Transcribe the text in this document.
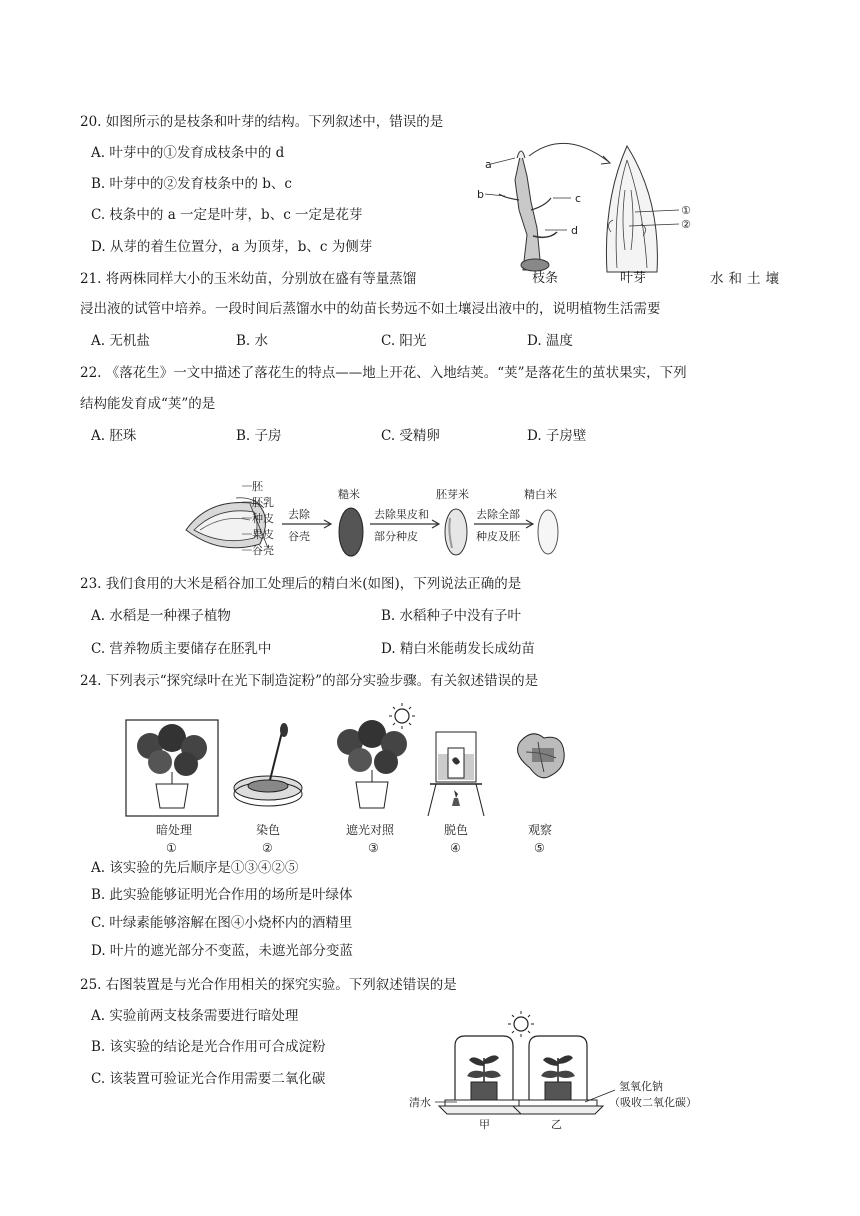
20. 如图所示的是枝条和叶芽的结构。下列叙述中，错误的是
A. 叶芽中的①发育成枝条中的 d
B. 叶芽中的②发育枝条中的 b、c
C. 枝条中的 a 一定是叶芽，b、c 一定是花芽
D. 从芽的着生位置分，a 为顶芽，b、c 为侧芽
a
b	c
d
①
②
枝条	叶芽
21. 将两株同样大小的玉米幼苗，分别放在盛有等量蒸馏	水和土壤
浸出液的试管中培养。一段时间后蒸馏水中的幼苗长势远不如土壤浸出液中的，说明植物生活需要
A. 无机盐	B. 水	C. 阳光	D. 温度
22. 《落花生》一文中描述了落花生的特点——地上开花、入地结荚。“荚”是落花生的茧状果实，下列
结构能发育成“荚”的是
A. 胚珠	B. 子房	C. 受精卵	D. 子房壁
胚
胚乳
种皮
果皮
谷壳
去除
谷壳
糙米
去除果皮和
部分种皮
胚芽米
去除全部
种皮及胚
精白米
23. 我们食用的大米是稻谷加工处理后的精白米(如图)，下列说法正确的是
A. 水稻是一种裸子植物	B. 水稻种子中没有子叶
C. 营养物质主要储存在胚乳中	D. 精白米能萌发长成幼苗
24. 下列表示“探究绿叶在光下制造淀粉”的部分实验步骤。有关叙述错误的是
暗处理
①
染色
②
遮光对照
③
脱色
④
观察
⑤
A. 该实验的先后顺序是①③④②⑤
B. 此实验能够证明光合作用的场所是叶绿体
C. 叶绿素能够溶解在图④小烧杯内的酒精里
D. 叶片的遮光部分不变蓝，未遮光部分变蓝
25. 右图装置是与光合作用相关的探究实验。下列叙述错误的是
A. 实验前两支枝条需要进行暗处理
B. 该实验的结论是光合作用可合成淀粉
C. 该装置可验证光合作用需要二氧化碳
清水
氢氧化钠
（吸收二氧化碳）
甲	乙
